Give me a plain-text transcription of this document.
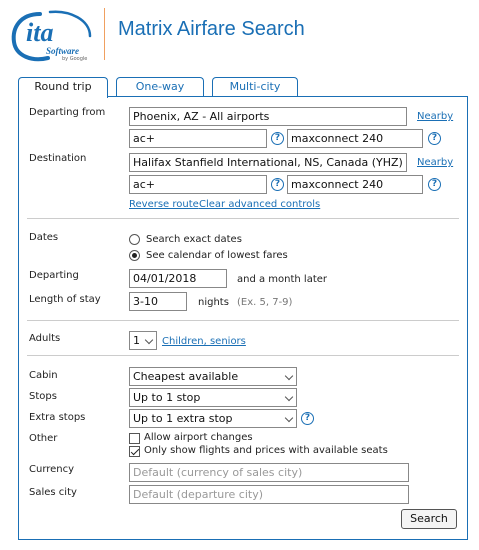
ita
Software
by Google
Matrix Airfare Search
Round trip	One-way	Multi-city
Departing from	Phoenix, AZ - All airports	Nearby
ac+	? maxconnect 240	?
Destination	Halifax Stanfield International, NS, Canada (YHZ)	Nearby
ac+	? maxconnect 240	?
Reverse route Clear advanced controls
Dates	Search exact dates
See calendar of lowest fares
Departing	04/01/2018	and a month later
Length of stay	3-10	nights (Ex. 5, 7-9)
Adults	1	Children, seniors
Cabin	Cheapest available
Stops	Up to 1 stop
Extra stops	Up to 1 extra stop	?
Other	Allow airport changes
Only show flights and prices with available seats
Currency	Default (currency of sales city)
Sales city	Default (departure city)
Search
